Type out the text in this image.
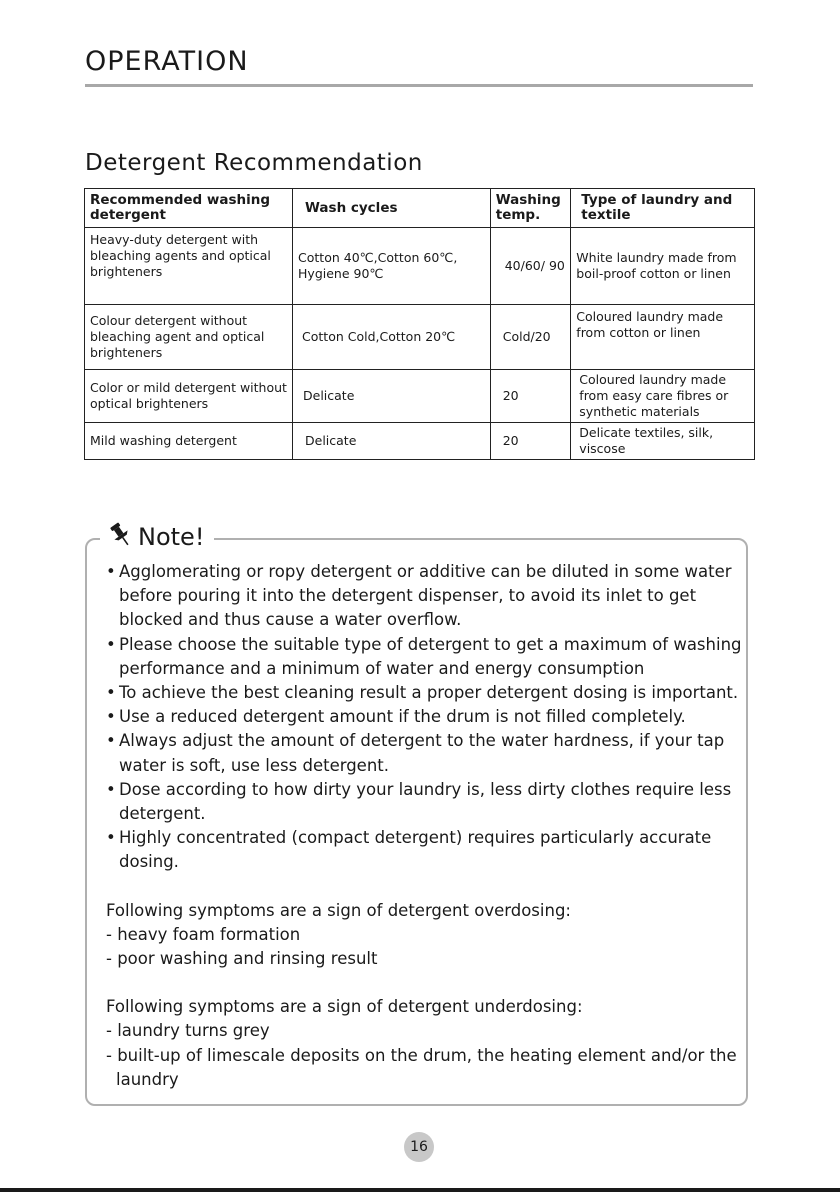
OPERATION
Detergent Recommendation
Recommended washing detergent	Wash cycles	Washing temp.	Type of laundry and textile
Heavy-duty detergent with bleaching agents and optical brighteners	Cotton 40℃,Cotton 60℃, Hygiene 90℃	40/60/ 90	White laundry made from boil-proof cotton or linen
Colour detergent without bleaching agent and optical brighteners	Cotton Cold,Cotton 20℃	Cold/20	Coloured laundry made from cotton or linen
Color or mild detergent without optical brighteners	Delicate	20	Coloured laundry made from easy care fibres or synthetic materials
Mild washing detergent	Delicate	20	Delicate textiles, silk, viscose
Note!
• Agglomerating or ropy detergent or additive can be diluted in some water before pouring it into the detergent dispenser, to avoid its inlet to get blocked and thus cause a water overflow.
• Please choose the suitable type of detergent to get a maximum of washing performance and a minimum of water and energy consumption
• To achieve the best cleaning result a proper detergent dosing is important.
• Use a reduced detergent amount if the drum is not filled completely.
• Always adjust the amount of detergent to the water hardness, if your tap water is soft, use less detergent.
• Dose according to how dirty your laundry is, less dirty clothes require less detergent.
• Highly concentrated (compact detergent) requires particularly accurate dosing.

Following symptoms are a sign of detergent overdosing:

- heavy foam formation

- poor washing and rinsing result

Following symptoms are a sign of detergent underdosing:

- laundry turns grey

- built-up of limescale deposits on the drum, the heating element and/or the laundry

16
